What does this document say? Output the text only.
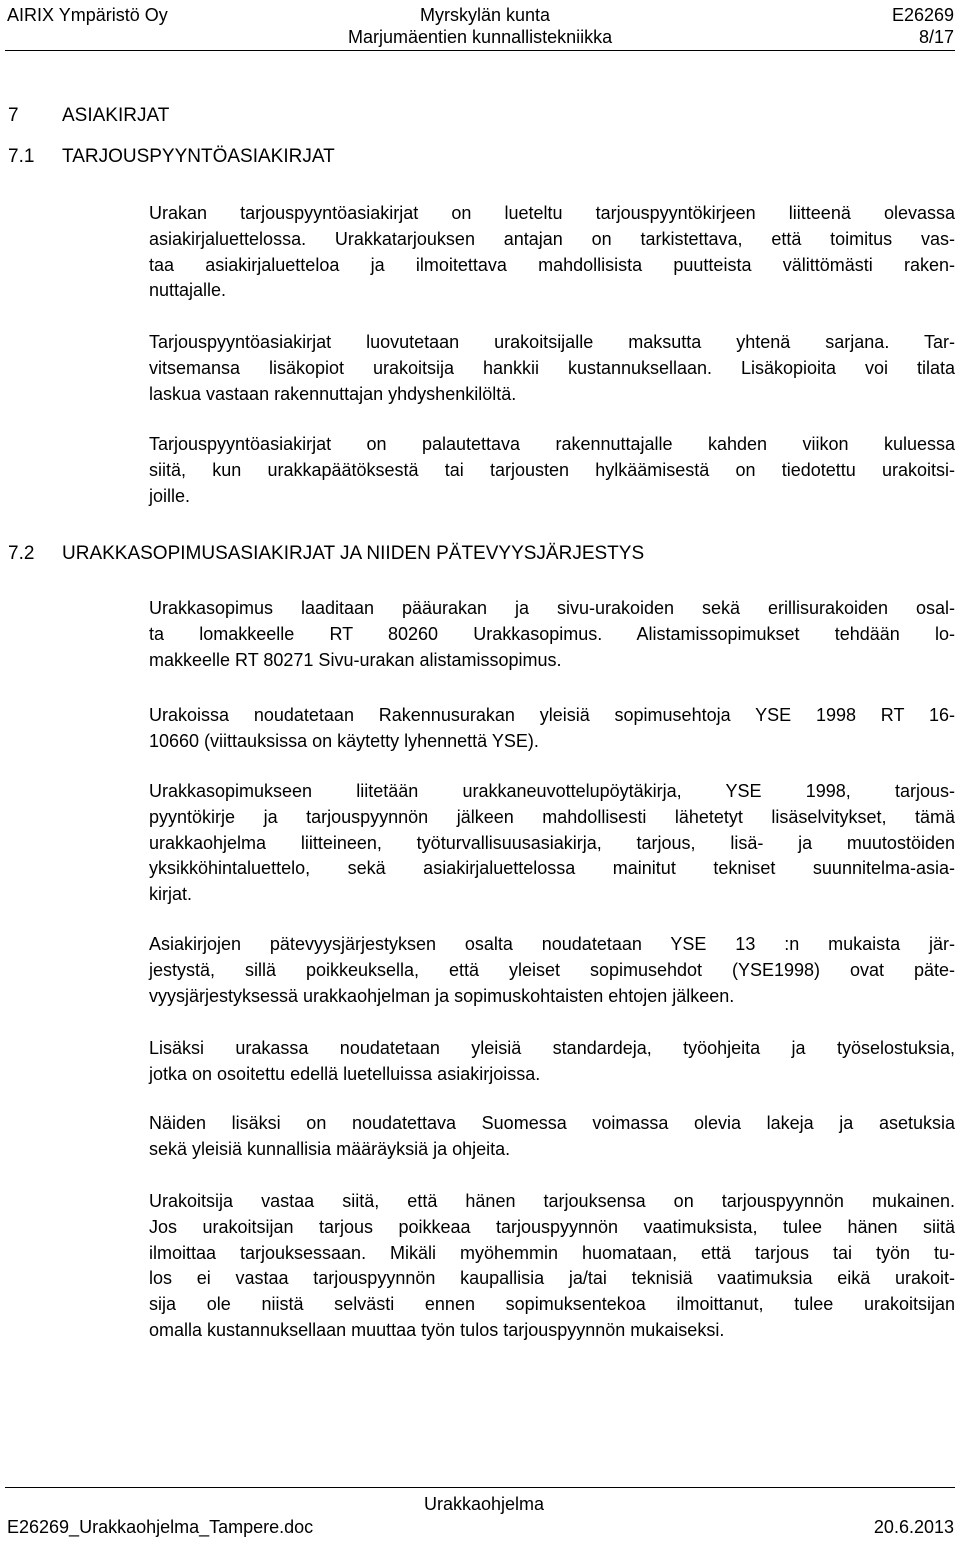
AIRIX Ympäristö Oy	Myrskylän kunta	E26269
Marjumäentien kunnallistekniikka	8/17
7 ASIAKIRJAT
7.1 TARJOUSPYYNTÖASIAKIRJAT
Urakan tarjouspyyntöasiakirjat on lueteltu tarjouspyyntökirjeen liitteenä olevassa
asiakirjaluettelossa. Urakkatarjouksen antajan on tarkistettava, että toimitus vas-
taa asiakirjaluetteloa ja ilmoitettava mahdollisista puutteista välittömästi raken-
nuttajalle.
Tarjouspyyntöasiakirjat luovutetaan urakoitsijalle maksutta yhtenä sarjana. Tar-
vitsemansa lisäkopiot urakoitsija hankkii kustannuksellaan. Lisäkopioita voi tilata
laskua vastaan rakennuttajan yhdyshenkilöltä.
Tarjouspyyntöasiakirjat on palautettava rakennuttajalle kahden viikon kuluessa
siitä, kun urakkapäätöksestä tai tarjousten hylkäämisestä on tiedotettu urakoitsi-
joille.
7.2 URAKKASOPIMUSASIAKIRJAT JA NIIDEN PÄTEVYYSJÄRJESTYS
Urakkasopimus laaditaan pääurakan ja sivu-urakoiden sekä erillisurakoiden osal-
ta lomakkeelle RT 80260 Urakkasopimus. Alistamissopimukset tehdään lo-
makkeelle RT 80271 Sivu-urakan alistamissopimus.
Urakoissa noudatetaan Rakennusurakan yleisiä sopimusehtoja YSE 1998 RT 16-
10660 (viittauksissa on käytetty lyhennettä YSE).
Urakkasopimukseen liitetään urakkaneuvottelupöytäkirja, YSE 1998, tarjous-
pyyntökirje ja tarjouspyynnön jälkeen mahdollisesti lähetetyt lisäselvitykset, tämä
urakkaohjelma liitteineen, työturvallisuusasiakirja, tarjous, lisä- ja muutostöiden
yksikköhintaluettelo, sekä asiakirjaluettelossa mainitut tekniset suunnitelma-asia-
kirjat.
Asiakirjojen pätevyysjärjestyksen osalta noudatetaan YSE 13 :n mukaista jär-
jestystä, sillä poikkeuksella, että yleiset sopimusehdot (YSE1998) ovat päte-
vyysjärjestyksessä urakkaohjelman ja sopimuskohtaisten ehtojen jälkeen.
Lisäksi urakassa noudatetaan yleisiä standardeja, työohjeita ja työselostuksia,
jotka on osoitettu edellä luetelluissa asiakirjoissa.
Näiden lisäksi on noudatettava Suomessa voimassa olevia lakeja ja asetuksia
sekä yleisiä kunnallisia määräyksiä ja ohjeita.
Urakoitsija vastaa siitä, että hänen tarjouksensa on tarjouspyynnön mukainen.
Jos urakoitsijan tarjous poikkeaa tarjouspyynnön vaatimuksista, tulee hänen siitä
ilmoittaa tarjouksessaan. Mikäli myöhemmin huomataan, että tarjous tai työn tu-
los ei vastaa tarjouspyynnön kaupallisia ja/tai teknisiä vaatimuksia eikä urakoit-
sija ole niistä selvästi ennen sopimuksentekoa ilmoittanut, tulee urakoitsijan
omalla kustannuksellaan muuttaa työn tulos tarjouspyynnön mukaiseksi.
Urakkaohjelma
E26269_Urakkaohjelma_Tampere.doc	20.6.2013
